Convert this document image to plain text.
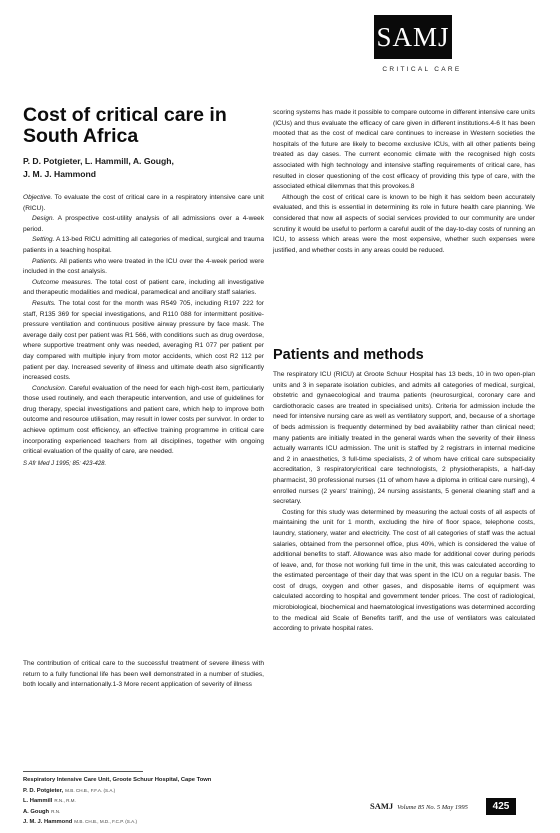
SAMJ
CRITICAL CARE
Cost of critical care in South Africa
P. D. Potgieter, L. Hammill, A. Gough,
J. M. J. Hammond

Objective. To evaluate the cost of critical care in a respiratory intensive care unit (RICU).

Design. A prospective cost-utility analysis of all admissions over a 4-week period.

Setting. A 13-bed RICU admitting all categories of medical, surgical and trauma patients in a teaching hospital.

Patients. All patients who were treated in the ICU over the 4-week period were included in the cost analysis.

Outcome measures. The total cost of patient care, including all investigative and therapeutic modalities and medical, paramedical and ancillary staff salaries.

Results. The total cost for the month was R549 705, including R197 222 for staff, R135 369 for special investigations, and R110 088 for intermittent positive-pressure ventilation and continuous positive airway pressure by face mask. The average daily cost per patient was R1 566, with conditions such as drug overdose, where supportive treatment only was needed, averaging R1 077 per patient per day compared with multiple injury from motor accidents, which cost R2 112 per patient per day. Increased severity of illness and ultimate death also significantly increased costs.

Conclusion. Careful evaluation of the need for each high-cost item, particularly those used routinely, and each therapeutic intervention, and use of guidelines for drug therapy, special investigations and patient care, which help to improve both outcome and resource utilisation, may result in lower costs per survivor. In order to achieve optimum cost efficiency, an effective training programme in critical care incorporating experienced teachers from all disciplines, together with ongoing critical evaluation of the quality of care, are needed.

S Afr Med J 1995; 85: 423-428.

The contribution of critical care to the successful treatment of severe illness with return to a fully functional life has been well demonstrated in a number of studies, both locally and internationally.1-3 More recent application of severity of illness

Respiratory Intensive Care Unit, Groote Schuur Hospital, Cape Town

P. D. Potgieter, M.B. CH.B., F.F.A. (S.A.)

L. Hammill R.N., R.M.

A. Gough R.N.

J. M. J. Hammond M.B. CH.B., M.D., F.C.P. (S.A.)

scoring systems has made it possible to compare outcome in different intensive care units (ICUs) and thus evaluate the efficacy of care given in different institutions.4-6 It has been mooted that as the cost of medical care continues to increase in Western societies the hospitals of the future are likely to become exclusive ICUs, with all other patients being treated as day cases. The current economic climate with the recognised high costs associated with high technology and intensive staffing requirements of critical care, has resulted in closer questioning of the cost efficacy of providing this type of care, with the associated ethical dilemmas that this provokes.8

Although the cost of critical care is known to be high it has seldom been accurately evaluated, and this is essential in determining its role in future health care planning. We considered that now all aspects of social services provided to our community are under scrutiny it would be useful to perform a careful audit of the day-to-day costs of running an ICU, to assess which areas were the most expensive, whether such expenses were justified, and whether costs in any areas could be reduced.

Patients and methods

The respiratory ICU (RICU) at Groote Schuur Hospital has 13 beds, 10 in two open-plan units and 3 in separate isolation cubicles, and admits all categories of medical, surgical, obstetric and gynaecological and trauma patients (neurosurgical, coronary care and cardiothoracic cases are treated in specialised units). Criteria for admission include the need for intensive nursing care as well as ventilatory support, and, because of a shortage of beds admission is frequently determined by bed availability rather than clinical need; many patients are initially treated in the general wards when the severity of their illness actually warrants ICU admission. The unit is staffed by 2 registrars in internal medicine and 2 in anaesthetics, 3 full-time specialists, 2 of whom have critical care subspeciality accreditation, 3 respiratory/critical care technologists, 2 physiotherapists, a half-day pharmacist, 30 professional nurses (11 of whom have a diploma in critical care nursing), 4 enrolled nurses (2 years' training), 24 nursing assistants, 5 general cleaning staff and a secretary.

Costing for this study was determined by measuring the actual costs of all aspects of maintaining the unit for 1 month, excluding the hire of floor space, telephone costs, laundry, stationery, water and electricity. The cost of all categories of staff was the actual salaries, obtained from the personnel office, plus 40%, which is considered the value of additional benefits to staff. Allowance was also made for additional cover during periods of leave, and, for those not working full time in the unit, this was calculated according to the estimated percentage of their day that was spent in the ICU on a regular basis. The cost of drugs, oxygen and other gases, and disposable items of equipment was calculated according to hospital and government tender prices. The cost of radiological, microbiological, biochemical and haematological investigations was determined according to the medical aid Scale of Benefits tariff, and the use of ventilators was calculated according to private hospital rates.

SAMJ Volume 85 No. 5 May 1995	425
